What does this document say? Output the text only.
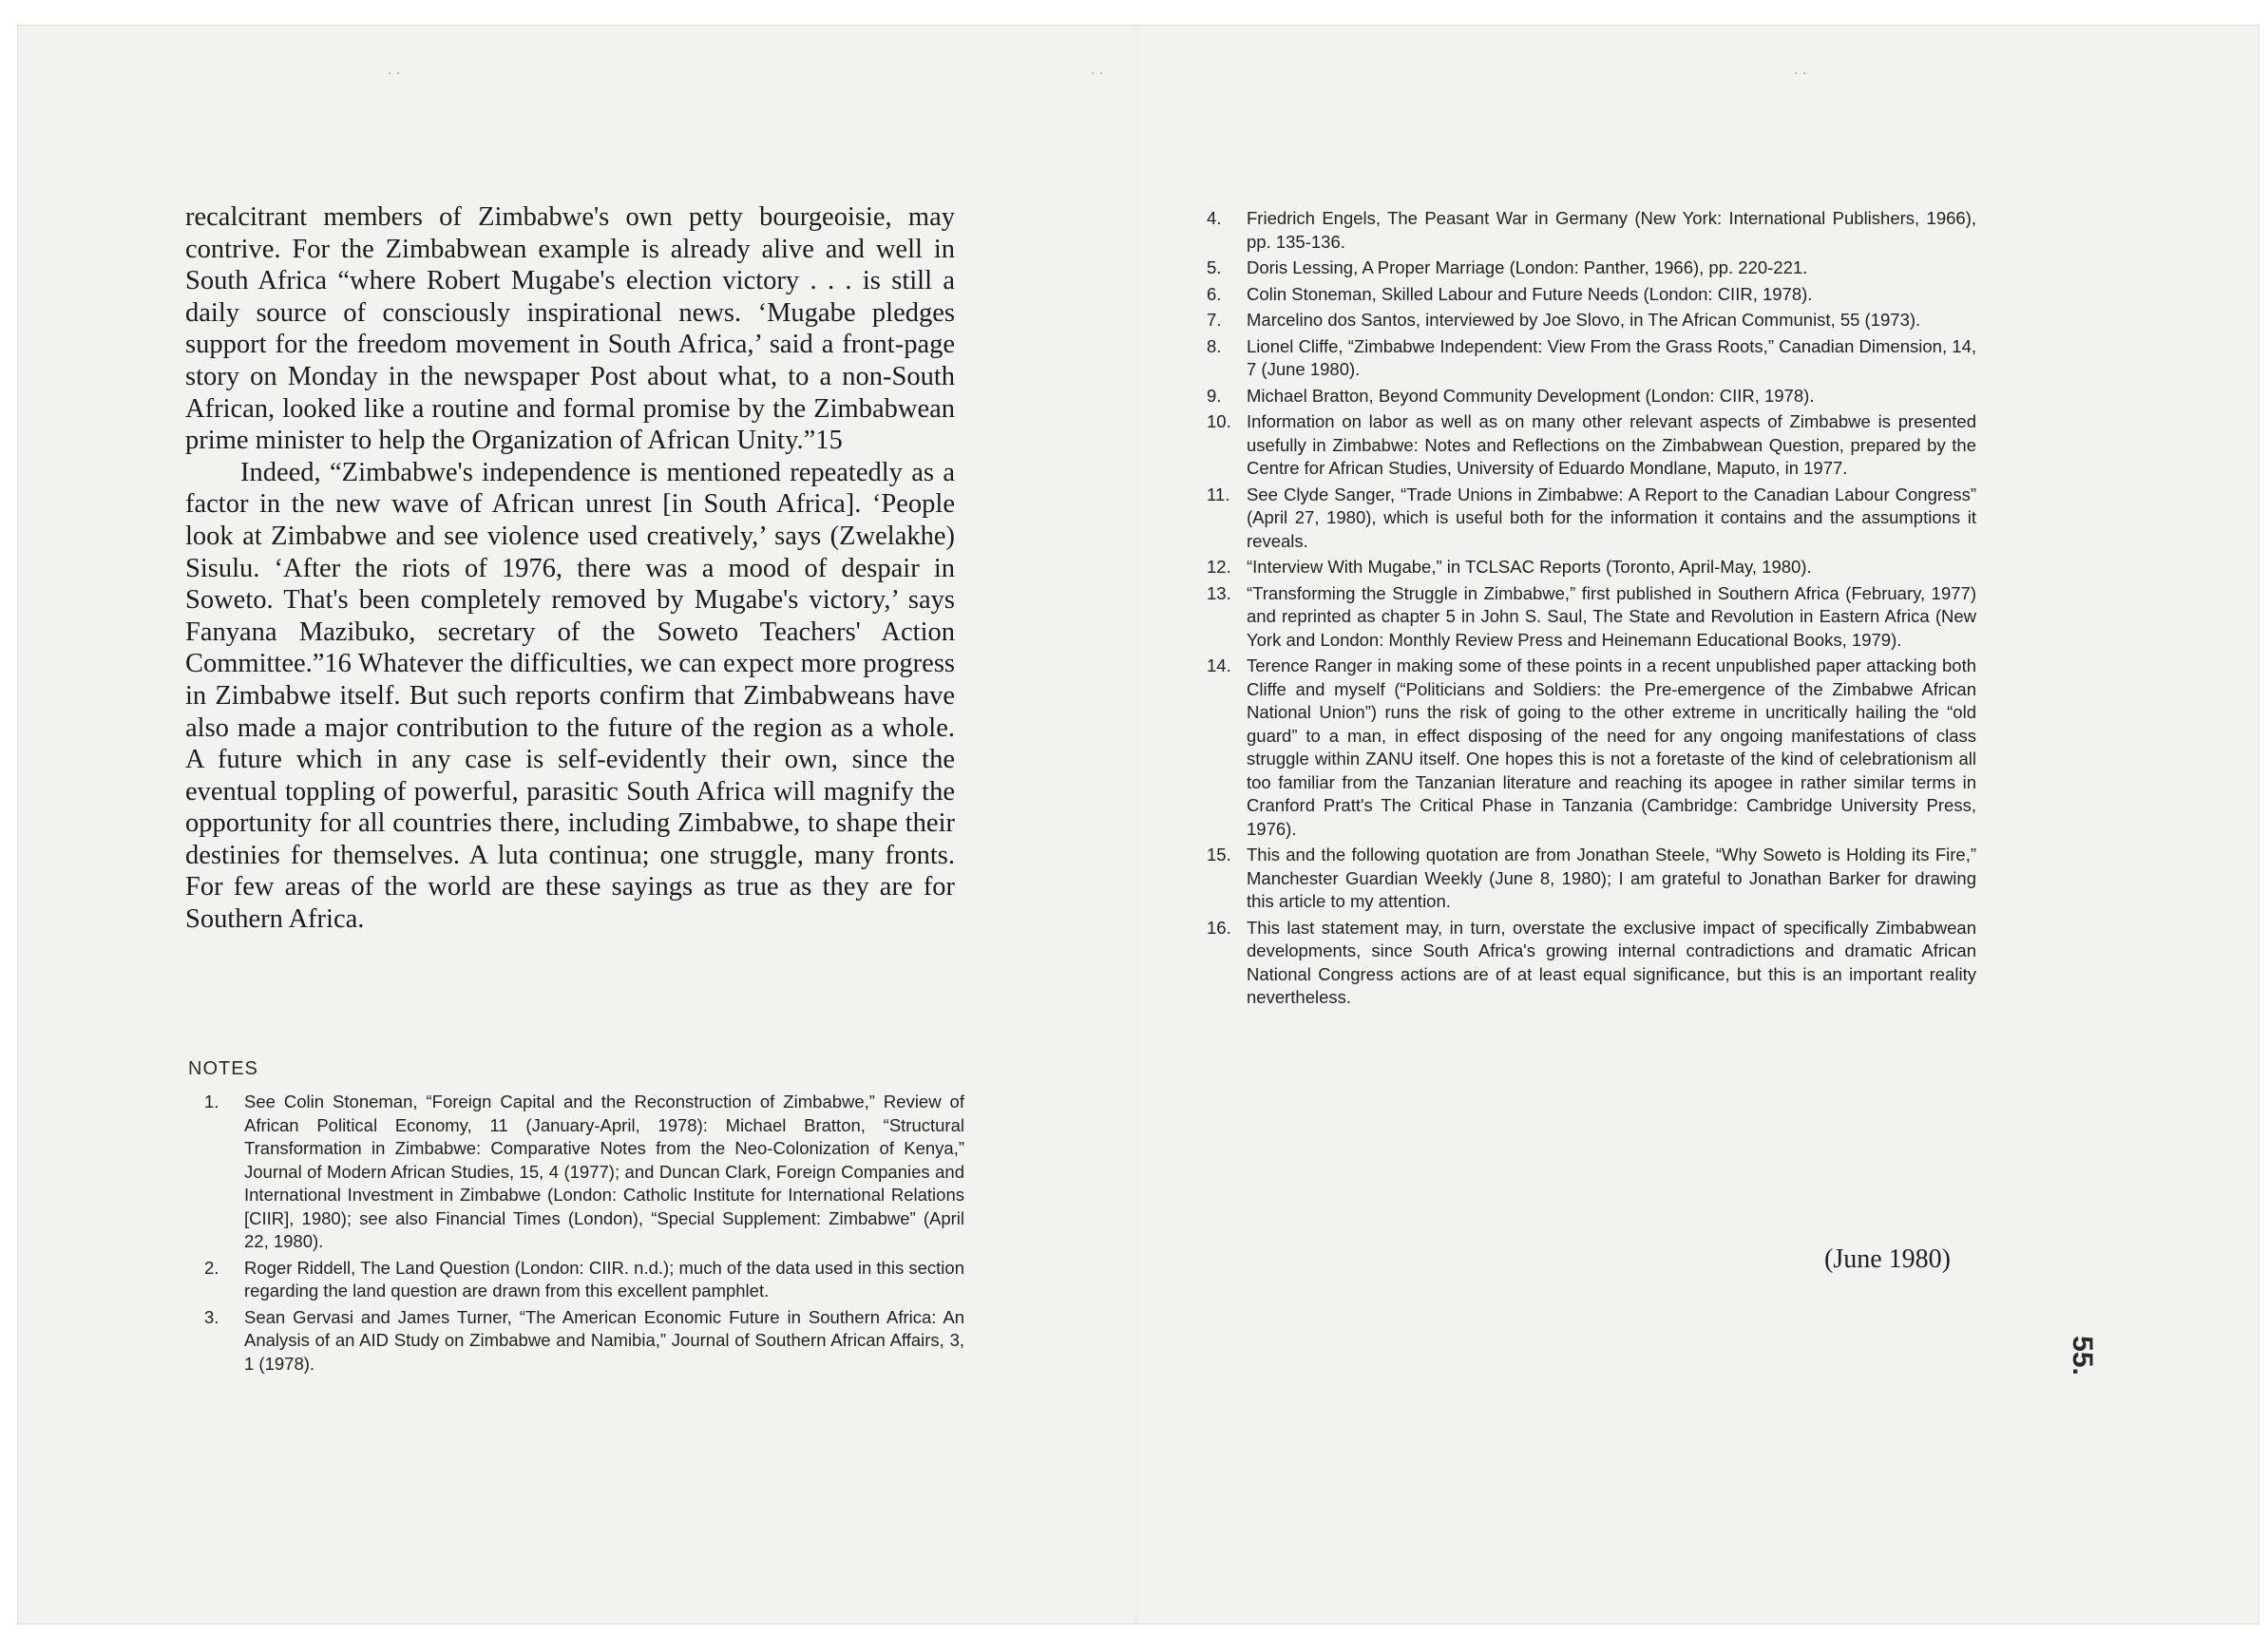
· ·	· ·	· ·

recalcitrant members of Zimbabwe's own petty bourgeoisie, may contrive. For the Zimbabwean example is already alive and well in South Africa “where Robert Mugabe's election victory . . . is still a daily source of consciously inspirational news. ‘Mugabe pledges support for the freedom movement in South Africa,’ said a front-page story on Monday in the newspaper Post about what, to a non-South African, looked like a routine and formal promise by the Zimbabwean prime minister to help the Organization of African Unity.”15

Indeed, “Zimbabwe's independence is mentioned repeatedly as a factor in the new wave of African unrest [in South Africa]. ‘People look at Zimbabwe and see violence used creatively,’ says (Zwelakhe) Sisulu. ‘After the riots of 1976, there was a mood of despair in Soweto. That's been completely removed by Mugabe's victory,’ says Fanyana Mazibuko, secretary of the Soweto Teachers' Action Committee.”16 Whatever the difficulties, we can expect more progress in Zimbabwe itself. But such reports confirm that Zimbabweans have also made a major contribution to the future of the region as a whole. A future which in any case is self-evidently their own, since the eventual toppling of powerful, parasitic South Africa will magnify the opportunity for all countries there, including Zimbabwe, to shape their destinies for themselves. A luta continua; one struggle, many fronts. For few areas of the world are these sayings as true as they are for Southern Africa.

NOTES
1.	See Colin Stoneman, “Foreign Capital and the Reconstruction of Zimbabwe,” Review of African Political Economy, 11 (January-April, 1978): Michael Bratton, “Structural Transformation in Zimbabwe: Comparative Notes from the Neo-Colonization of Kenya,” Journal of Modern African Studies, 15, 4 (1977); and Duncan Clark, Foreign Companies and International Investment in Zimbabwe (London: Catholic Institute for International Relations [CIIR], 1980); see also Financial Times (London), “Special Supplement: Zimbabwe” (April 22, 1980).
2.	Roger Riddell, The Land Question (London: CIIR. n.d.); much of the data used in this section regarding the land question are drawn from this excellent pamphlet.
3.	Sean Gervasi and James Turner, “The American Economic Future in Southern Africa: An Analysis of an AID Study on Zimbabwe and Namibia,” Journal of Southern African Affairs, 3, 1 (1978).
4.	Friedrich Engels, The Peasant War in Germany (New York: International Publishers, 1966), pp. 135-136.
5.	Doris Lessing, A Proper Marriage (London: Panther, 1966), pp. 220-221.
6.	Colin Stoneman, Skilled Labour and Future Needs (London: CIIR, 1978).
7.	Marcelino dos Santos, interviewed by Joe Slovo, in The African Communist, 55 (1973).
8.	Lionel Cliffe, “Zimbabwe Independent: View From the Grass Roots,” Canadian Dimension, 14, 7 (June 1980).
9.	Michael Bratton, Beyond Community Development (London: CIIR, 1978).
10. Information on labor as well as on many other relevant aspects of Zimbabwe is presented usefully in Zimbabwe: Notes and Reflections on the Zimbabwean Question, prepared by the Centre for African Studies, University of Eduardo Mondlane, Maputo, in 1977.
11. See Clyde Sanger, “Trade Unions in Zimbabwe: A Report to the Canadian Labour Congress” (April 27, 1980), which is useful both for the information it contains and the assumptions it reveals.
12. “Interview With Mugabe,” in TCLSAC Reports (Toronto, April-May, 1980).
13. “Transforming the Struggle in Zimbabwe,” first published in Southern Africa (February, 1977) and reprinted as chapter 5 in John S. Saul, The State and Revolution in Eastern Africa (New York and London: Monthly Review Press and Heinemann Educational Books, 1979).
14. Terence Ranger in making some of these points in a recent unpublished paper attacking both Cliffe and myself (“Politicians and Soldiers: the Pre-emergence of the Zimbabwe African National Union”) runs the risk of going to the other extreme in uncritically hailing the “old guard” to a man, in effect disposing of the need for any ongoing manifestations of class struggle within ZANU itself. One hopes this is not a foretaste of the kind of celebrationism all too familiar from the Tanzanian literature and reaching its apogee in rather similar terms in Cranford Pratt's The Critical Phase in Tanzania (Cambridge: Cambridge University Press, 1976).
15. This and the following quotation are from Jonathan Steele, “Why Soweto is Holding its Fire,” Manchester Guardian Weekly (June 8, 1980); I am grateful to Jonathan Barker for drawing this article to my attention.
16. This last statement may, in turn, overstate the exclusive impact of specifically Zimbabwean developments, since South Africa's growing internal contradictions and dramatic African National Congress actions are of at least equal significance, but this is an important reality nevertheless.
(June 1980)
55.
